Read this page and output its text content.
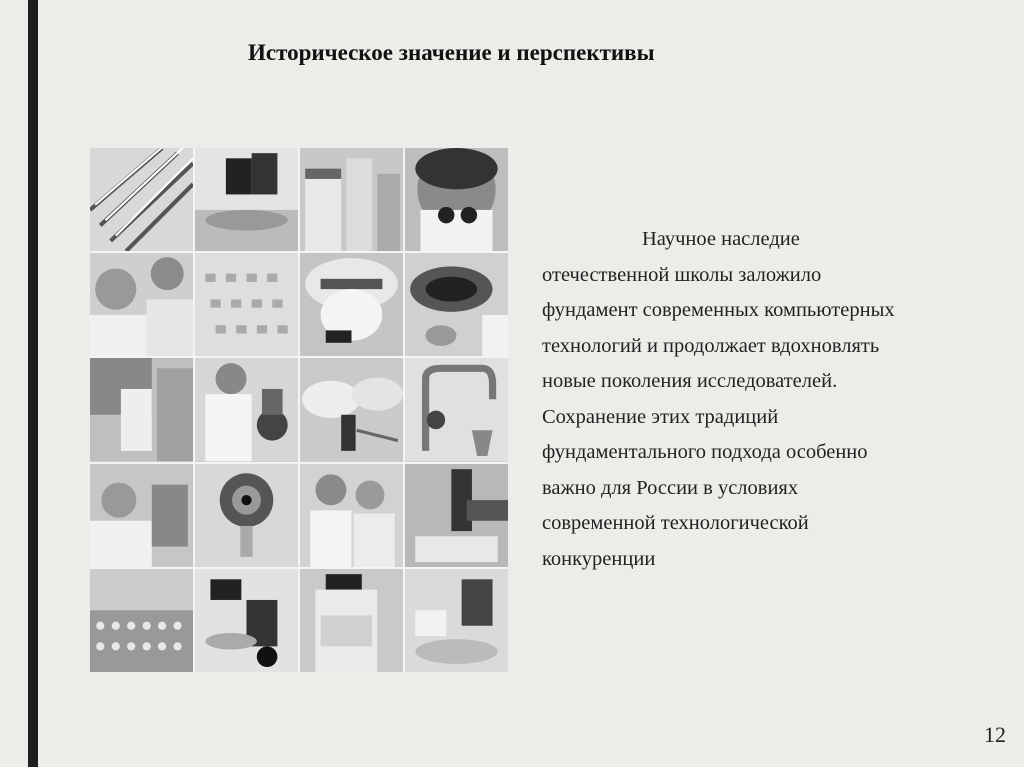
Историческое значение и перспективы

Научное наследие
отечественной школы заложило
фундамент современных компьютерных
технологий и продолжает вдохновлять
новые поколения исследователей.
Сохранение этих традиций
фундаментального подхода особенно
важно для России в условиях
современной технологической
конкуренции

12
